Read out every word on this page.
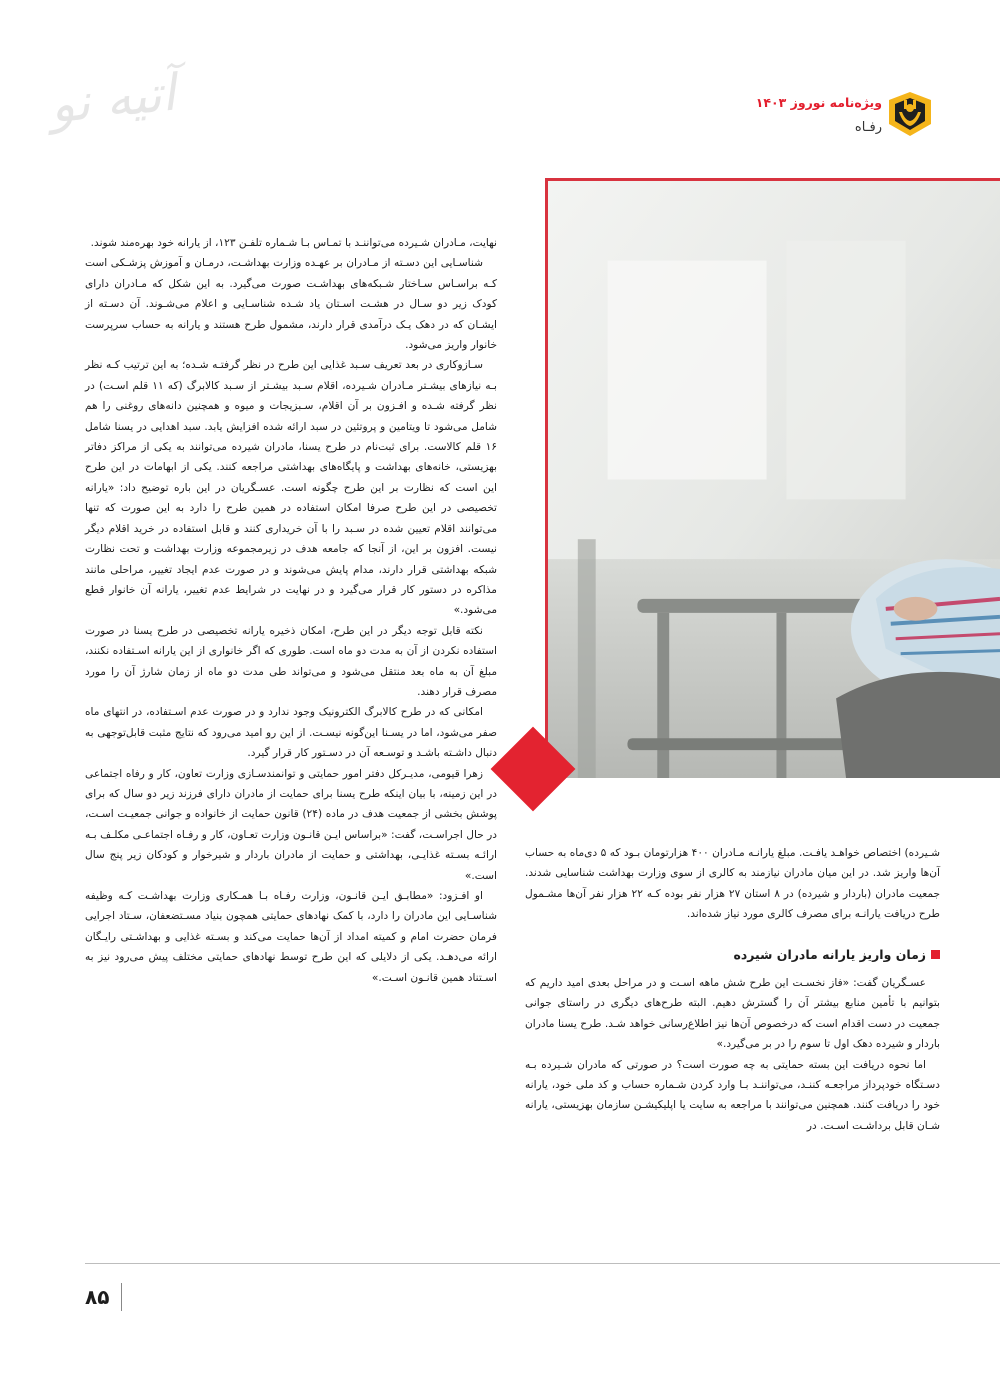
ویژه‌نامه نوروز ۱۴۰۳
رفـاه
آتیه نو

نهایت، مـادران شـیرده می‌تواننـد با تمـاس بـا شـماره تلفـن ۱۲۳، از یارانه خود بهره‌مند شوند.

شناسـایی این دسـته از مـادران بر عهـده وزارت بهداشـت، درمـان و آموزش پزشـکی است کـه براسـاس سـاختار شـبکه‌های بهداشـت صورت می‌گیرد. به این شکل که مـادران دارای کودک زیر دو سـال در هشـت اسـتان یاد شـده شناسـایی و اعلام می‌شـوند. آن دسـته از ایشـان که در دهک یـک درآمدی قرار دارند، مشمول طرح هستند و یارانه به حساب سرپرست خانوار واریز می‌شود.

سـازوکاری در بعد تعریف سـبد غذایی این طرح در نظر گرفتـه شـده؛ به این ترتیب کـه نظر بـه نیازهای بیشـتر مـادران شـیرده، اقلام سـبد بیشـتر از سـبد کالابرگ (که ۱۱ قلم اسـت) در نظر گرفته شـده و افـزون بر آن اقلام، سـبزیجات و میوه و همچنین دانه‌های روغنی را هم شامل می‌شود تا ویتامین و پروتئین در سبد ارائه شده افزایش یابد. سبد اهدایی در یسنا شامل ۱۶ قلم کالاست. برای ثبت‌نام در طرح یسنا، مادران شیرده می‌توانند به یکی از مراکز دفاتر بهزیستی، خانه‌های بهداشت و پایگاه‌های بهداشتی مراجعه کنند. یکی از ابهامات در این طرح این است که نظارت بر این طرح چگونه است. عسـگریان در این باره توضیح داد: «یارانه تخصیصی در این طرح صرفا امکان استفاده در همین طرح را دارد به این صورت که تنها می‌توانند اقلام تعیین شده در سـبد را با آن خریداری کنند و قابل استفاده در خرید اقلام دیگر نیست. افزون بر این، از آنجا که جامعه هدف در زیرمجموعه وزارت بهداشت و تحت نظارت شبکه بهداشتی قرار دارند، مدام پایش می‌شوند و در صورت عدم ایجاد تغییر، مراحلی مانند مذاکره در دستور کار قرار می‌گیرد و در نهایت در شرایط عدم تغییر، یارانه آن خانوار قطع می‌شود.»

نکته قابل توجه دیگر در این طرح، امکان ذخیره یارانه تخصیصی در طرح یسنا در صورت استفاده نکردن از آن به مدت دو ماه است. طوری که اگر خانواری از این یارانه اسـتفاده نکنند، مبلغ آن به ماه بعد منتقل می‌شود و می‌تواند طی مدت دو ماه از زمان شارژ آن را مورد مصرف قرار دهند.

امکانی که در طرح کالابرگ الکترونیک وجود ندارد و در صورت عدم اسـتفاده، در انتهای ماه صفر می‌شود، اما در یسـنا این‌گونه نیسـت. از این رو امید می‌رود که نتایج مثبت قابل‌توجهی به دنبال داشـته باشـد و توسـعه آن در دسـتور کار قرار گیرد.

زهرا قیومی، مدیـرکل دفتر امور حمایتی و توانمندسـازی وزارت تعاون، کار و رفاه اجتماعی در این زمینه، با بیان اینکه طرح یسنا برای حمایت از مادران دارای فرزند زیر دو سال که برای پوشش بخشی از جمعیت هدف در ماده (۲۴) قانون حمایت از خانواده و جوانی جمعیـت اسـت، در حال اجراسـت، گفت: «براساس ایـن قانـون وزارت تعـاون، کار و رفـاه اجتماعـی مکلـف بـه ارائـه بسـته غذایـی، بهداشتی و حمایت از مادران باردار و شیرخوار و کودکان زیر پنج سال است.»

او افـزود: «مطابـق ایـن قانـون، وزارت رفـاه بـا همـکاری وزارت بهداشـت کـه وظیفه شناسـایی این مادران را دارد، با کمک نهادهای حمایتی همچون بنیاد مسـتضعفان، سـتاد اجرایی فرمان حضرت امام و کمیته امداد از آن‌ها حمایت می‌کند و بسـته غذایی و بهداشـتی رایـگان ارائه می‌دهـد. یکی از دلایلی که این طرح توسط نهادهای حمایتی مختلف پیش می‌رود نیز به اسـتناد همین قانـون اسـت.»

شـیرده) اختصاص خواهـد یافـت. مبلغ یارانـه مـادران ۴۰۰ هزارتومان بـود که ۵ دی‌ماه به حساب آن‌ها واریز شد. در این میان مادران نیازمند به کالری از سوی وزارت بهداشت شناسایی شدند. جمعیت مادران (باردار و شیرده) در ۸ استان ۲۷ هزار نفر بوده کـه ۲۲ هزار نفر آن‌ها مشـمول طرح دریافت یارانـه برای مصرف کالری مورد نیاز شده‌اند.

زمان واریز یارانه مادران شیرده

عسـگریان گفت: «فاز نخسـت این طرح شش ماهه اسـت و در مراحل بعدی امید داریم که بتوانیم با تأمین منابع بیشتر آن را گسترش دهیم. البته طرح‌های دیگری در راستای جوانی جمعیت در دست اقدام است که درخصوص آن‌ها نیز اطلاع‌رسانی خواهد شـد. طرح یسنا مادران باردار و شیرده دهک اول تا سوم را در بر می‌گیرد.»

اما نحوه دریافت این بسته حمایتی به چه صورت است؟ در صورتی که مادران شـیرده بـه دسـتگاه خودپرداز مراجعـه کننـد، می‌تواننـد بـا وارد کردن شـماره حساب و کد ملی خود، یارانه خود را دریافت کنند. همچنین می‌توانند با مراجعه به سایت یا اپلیکیشـن سازمان بهزیستی، یارانه شـان قابل برداشـت اسـت. در

۸۵
